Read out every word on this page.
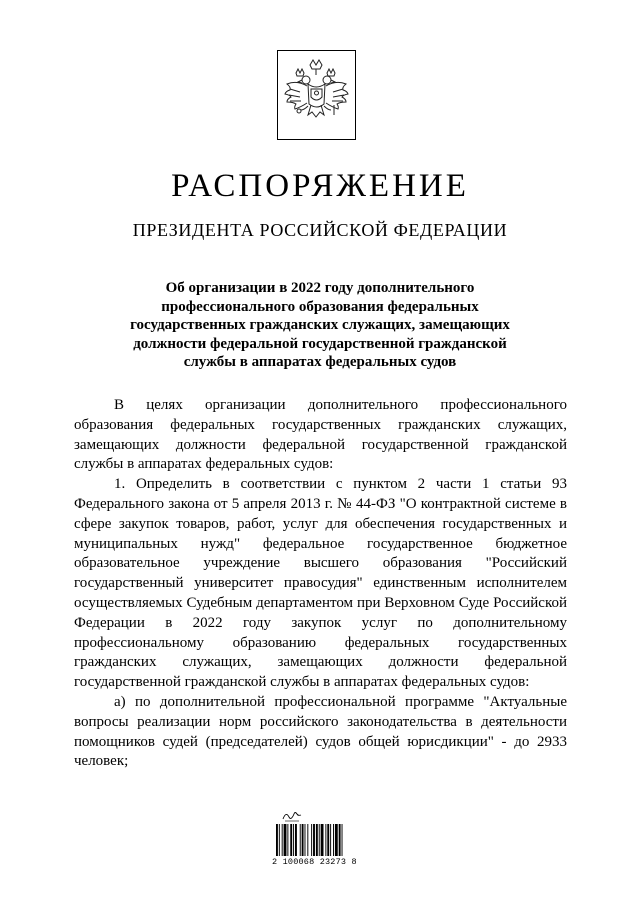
РАСПОРЯЖЕНИЕ
ПРЕЗИДЕНТА РОССИЙСКОЙ ФЕДЕРАЦИИ
Об организации в 2022 году дополнительного
профессионального образования федеральных
государственных гражданских служащих, замещающих
должности федеральной государственной гражданской
службы в аппаратах федеральных судов

В целях организации дополнительного профессионального образования федеральных государственных гражданских служащих, замещающих должности федеральной государственной гражданской службы в аппаратах федеральных судов:

1. Определить в соответствии с пунктом 2 части 1 статьи 93 Федерального закона от 5 апреля 2013 г. № 44-ФЗ "О контрактной системе в сфере закупок товаров, работ, услуг для обеспечения государственных и муниципальных нужд" федеральное государственное бюджетное образовательное учреждение высшего образования "Российский государственный университет правосудия" единственным исполнителем осуществляемых Судебным департаментом при Верховном Суде Российской Федерации в 2022 году закупок услуг по дополнительному профессиональному образованию федеральных государственных гражданских служащих, замещающих должности федеральной государственной гражданской службы в аппаратах федеральных судов:

а) по дополнительной профессиональной программе "Актуальные вопросы реализации норм российского законодательства в деятельности помощников судей (председателей) судов общей юрисдикции" - до 2933 человек;

2 100068 23273 8
